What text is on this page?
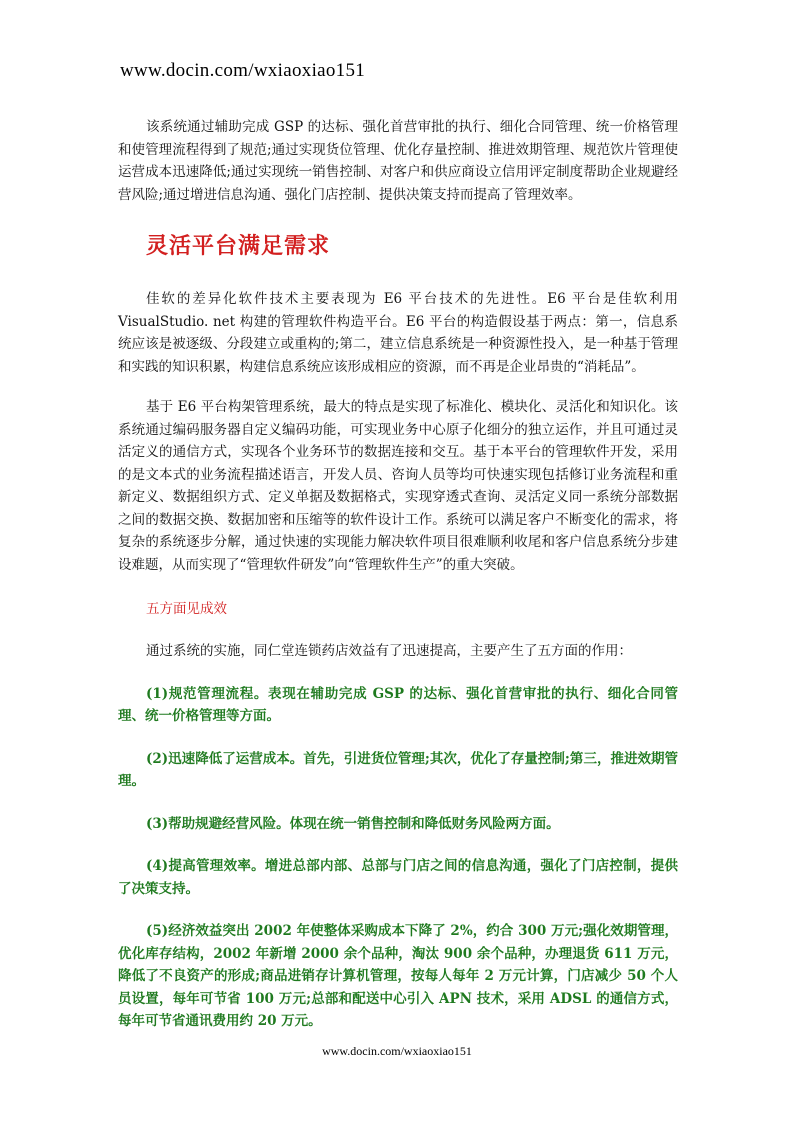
www.docin.com/wxiaoxiao151

该系统通过辅助完成 GSP 的达标、强化首营审批的执行、细化合同管理、统一价格管理和使管理流程得到了规范;通过实现货位管理、优化存量控制、推进效期管理、规范饮片管理使运营成本迅速降低;通过实现统一销售控制、对客户和供应商设立信用评定制度帮助企业规避经营风险;通过增进信息沟通、强化门店控制、提供决策支持而提高了管理效率。

灵活平台满足需求

佳软的差异化软件技术主要表现为 E6 平台技术的先进性。E6 平台是佳软利用 VisualStudio. net 构建的管理软件构造平台。E6 平台的构造假设基于两点：第一，信息系统应该是被逐级、分段建立或重构的;第二，建立信息系统是一种资源性投入，是一种基于管理和实践的知识积累，构建信息系统应该形成相应的资源，而不再是企业昂贵的“消耗品”。

基于 E6 平台构架管理系统，最大的特点是实现了标准化、模块化、灵活化和知识化。该系统通过编码服务器自定义编码功能，可实现业务中心原子化细分的独立运作，并且可通过灵活定义的通信方式，实现各个业务环节的数据连接和交互。基于本平台的管理软件开发，采用的是文本式的业务流程描述语言，开发人员、咨询人员等均可快速实现包括修订业务流程和重新定义、数据组织方式、定义单据及数据格式，实现穿透式查询、灵活定义同一系统分部数据之间的数据交换、数据加密和压缩等的软件设计工作。系统可以满足客户不断变化的需求，将复杂的系统逐步分解，通过快速的实现能力解决软件项目很难顺利收尾和客户信息系统分步建设难题，从而实现了“管理软件研发”向“管理软件生产”的重大突破。

五方面见成效

通过系统的实施，同仁堂连锁药店效益有了迅速提高，主要产生了五方面的作用：

(1)规范管理流程。表现在辅助完成 GSP 的达标、强化首营审批的执行、细化合同管理、统一价格管理等方面。

(2)迅速降低了运营成本。首先，引进货位管理;其次，优化了存量控制;第三，推进效期管理。

(3)帮助规避经营风险。体现在统一销售控制和降低财务风险两方面。

(4)提高管理效率。增进总部内部、总部与门店之间的信息沟通，强化了门店控制，提供了决策支持。

(5)经济效益突出 2002 年使整体采购成本下降了 2%，约合 300 万元;强化效期管理，优化库存结构，2002 年新增 2000 余个品种，淘汰 900 余个品种，办理退货 611 万元，降低了不良资产的形成;商品进销存计算机管理，按每人每年 2 万元计算，门店减少 50 个人员设置，每年可节省 100 万元;总部和配送中心引入 APN 技术，采用 ADSL 的通信方式，每年可节省通讯费用约 20 万元。

www.docin.com/wxiaoxiao151
